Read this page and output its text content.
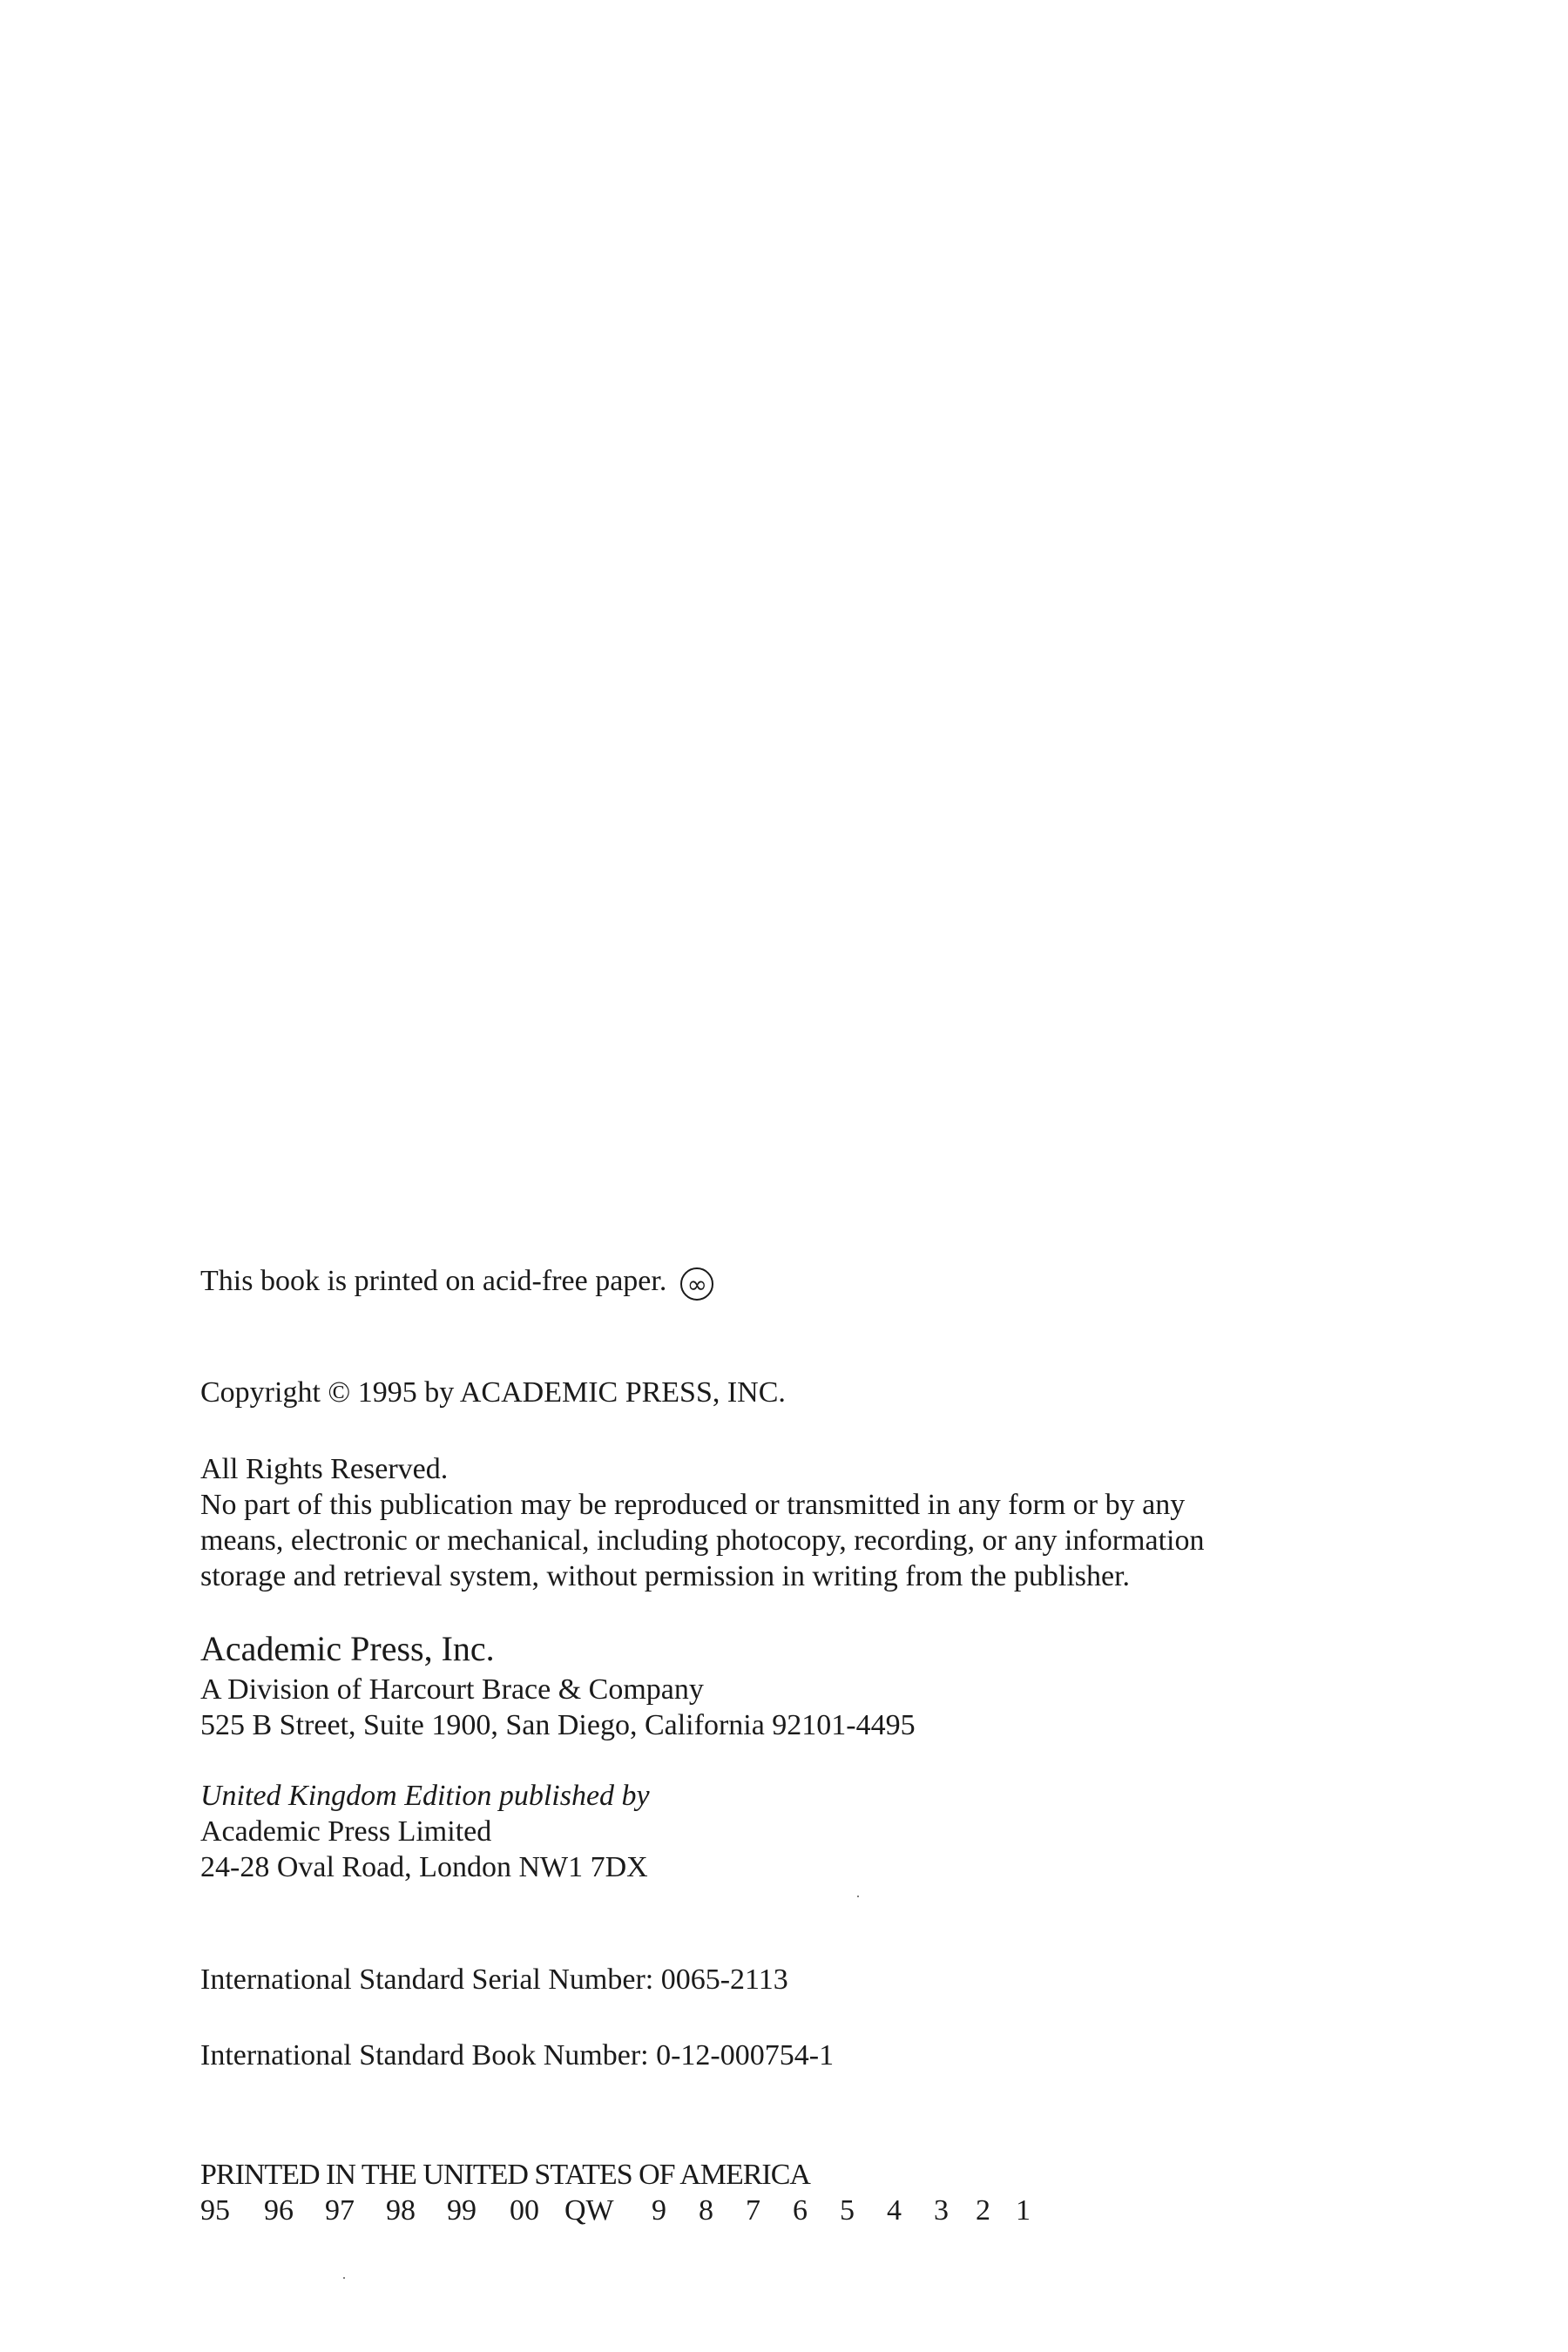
This book is printed on acid-free paper. ∞
Copyright © 1995 by ACADEMIC PRESS, INC.
All Rights Reserved.
No part of this publication may be reproduced or transmitted in any form or by any
means, electronic or mechanical, including photocopy, recording, or any information
storage and retrieval system, without permission in writing from the publisher.
Academic Press, Inc.
A Division of Harcourt Brace & Company
525 B Street, Suite 1900, San Diego, California 92101-4495
United Kingdom Edition published by
Academic Press Limited
24-28 Oval Road, London NW1 7DX
International Standard Serial Number: 0065-2113
International Standard Book Number: 0-12-000754-1
PRINTED IN THE UNITED STATES OF AMERICA
95 96 97 98 99 00 QW 9 8 7 6 5 4 3 2 1
